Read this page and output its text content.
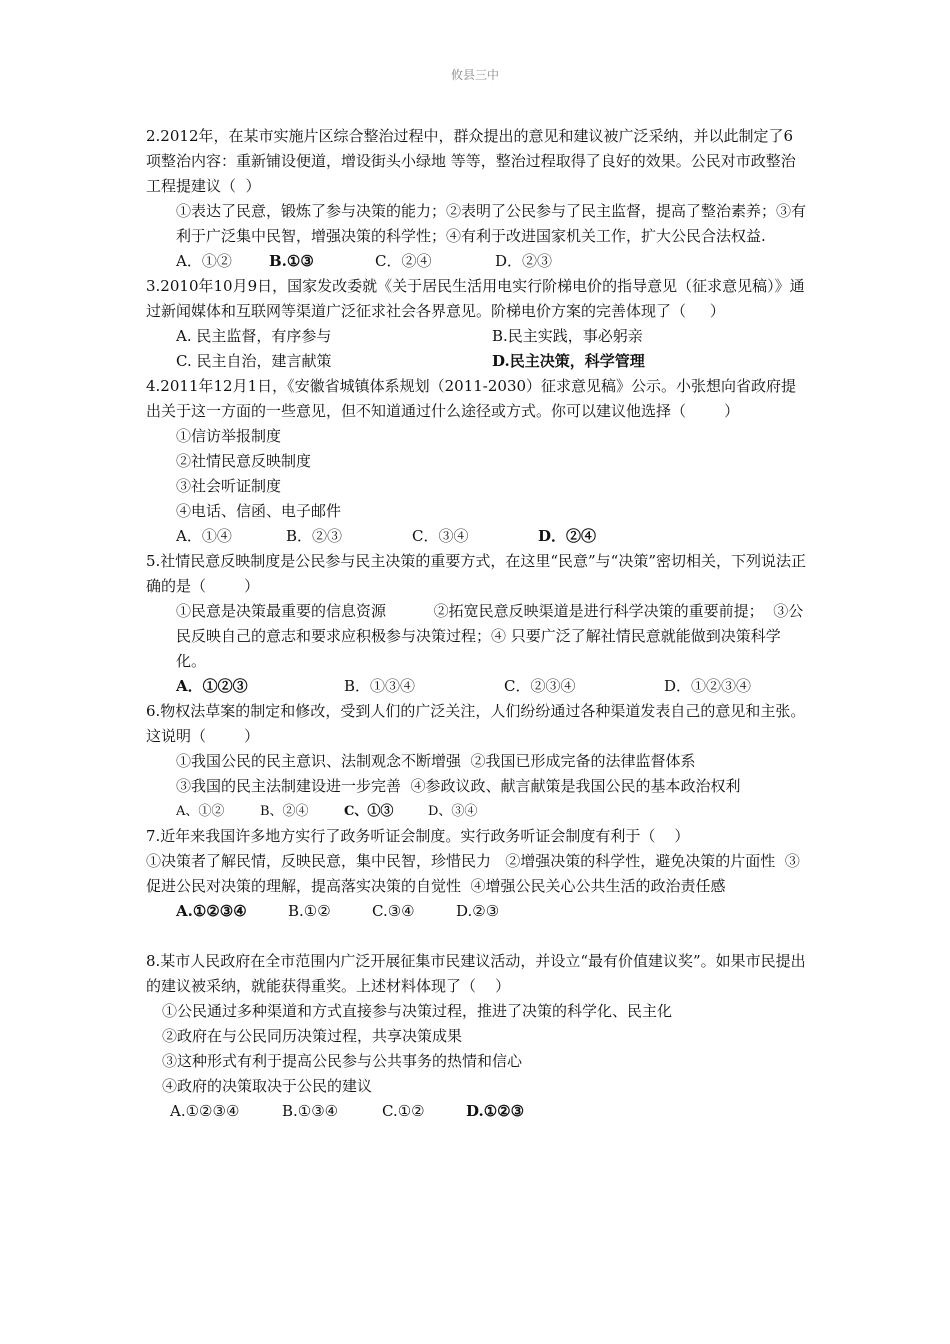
攸县三中

2.2012年，在某市实施片区综合整治过程中，群众提出的意见和建议被广泛采纳，并以此制定了6项整治内容：重新铺设便道，增设街头小绿地 等等，整治过程取得了良好的效果。公民对市政整治工程提建议（  ）

①表达了民意，锻炼了参与决策的能力；②表明了公民参与了民主监督，提高了整治素养；③有利于广泛集中民智，增强决策的科学性；④有利于改进国家机关工作，扩大公民合法权益.

A．①②	B.①③	C．②④	D．②③

3.2010年10月9日，国家发改委就《关于居民生活用电实行阶梯电价的指导意见（征求意见稿）》通过新闻媒体和互联网等渠道广泛征求社会各界意见。阶梯电价方案的完善体现了（     ）

A. 民主监督，有序参与	B.民主实践，事必躬亲
C. 民主自治，建言献策	D.民主决策，科学管理

4.2011年12月1日，《安徽省城镇体系规划（2011-2030）征求意见稿》公示。小张想向省政府提出关于这一方面的一些意见，但不知道通过什么途径或方式。你可以建议他选择（        ）

①信访举报制度

②社情民意反映制度

③社会听证制度

④电话、信函、电子邮件

A．①④	B．②③	C．③④	D．②④

5.社情民意反映制度是公民参与民主决策的重要方式，在这里“民意”与“决策”密切相关，下列说法正确的是（        ）

①民意是决策最重要的信息资源          ②拓宽民意反映渠道是进行科学决策的重要前提；  ③公民反映自己的意志和要求应积极参与决策过程；④ 只要广泛了解社情民意就能做到决策科学化。

A．①②③	B．①③④	C．②③④	D．①②③④

6.物权法草案的制定和修改，受到人们的广泛关注，人们纷纷通过各种渠道发表自己的意见和主张。这说明（        ）

①我国公民的民主意识、法制观念不断增强  ②我国已形成完备的法律监督体系

③我国的民主法制建设进一步完善  ④参政议政、献言献策是我国公民的基本政治权利

A、①②	B、②④	C、①③	D、③④

7.近年来我国许多地方实行了政务听证会制度。实行政务听证会制度有利于（    ）

①决策者了解民情，反映民意，集中民智，珍惜民力   ②增强决策的科学性，避免决策的片面性  ③促进公民对决策的理解，提高落实决策的自觉性  ④增强公民关心公共生活的政治责任感

A.①②③④	B.①②	C.③④	D.②③

8.某市人民政府在全市范围内广泛开展征集市民建议活动，并设立“最有价值建议奖”。如果市民提出的建议被采纳，就能获得重奖。上述材料体现了（    ）

①公民通过多种渠道和方式直接参与决策过程，推进了决策的科学化、民主化

②政府在与公民同历决策过程，共享决策成果

③这种形式有利于提高公民参与公共事务的热情和信心

④政府的决策取决于公民的建议

A.①②③④	B.①③④	C.①②	D.①②③
